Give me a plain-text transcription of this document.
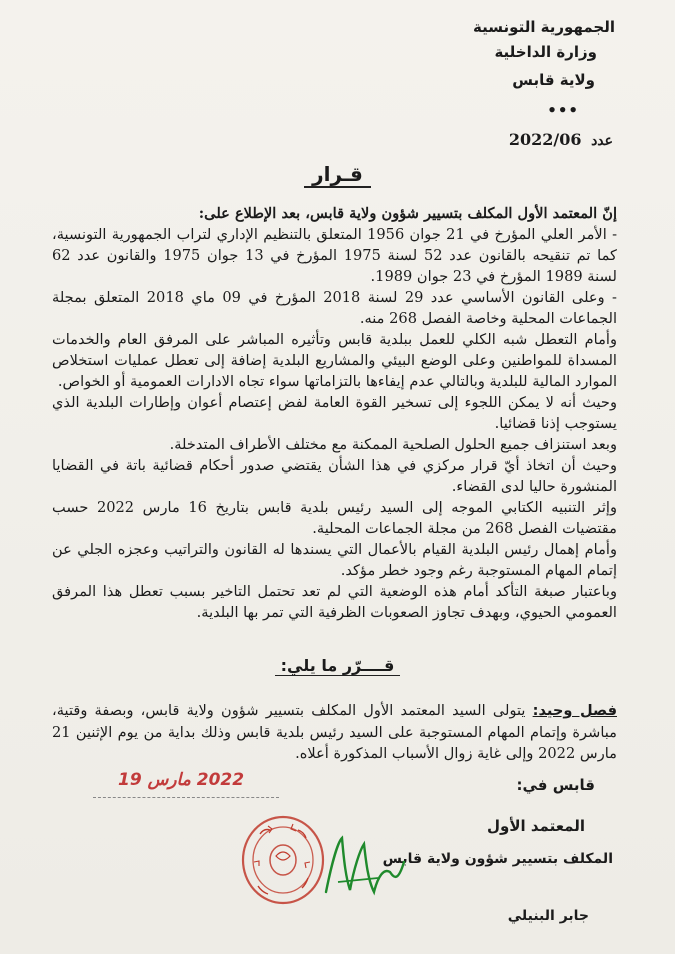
الجمهورية التونسية
وزارة الداخلية
ولاية قابس
•••
2022/06 عدد
قـرار

إنّ المعتمد الأول المكلف بتسيير شؤون ولاية قابس، بعد الإطلاع على:

- الأمر العلي المؤرخ في 21 جوان 1956 المتعلق بالتنظيم الإداري لتراب الجمهورية التونسية، كما تم تنقيحه بالقانون عدد 52 لسنة 1975 المؤرخ في 13 جوان 1975 والقانون عدد 62 لسنة 1989 المؤرخ في 23 جوان 1989.

- وعلى القانون الأساسي عدد 29 لسنة 2018 المؤرخ في 09 ماي 2018 المتعلق بمجلة الجماعات المحلية وخاصة الفصل 268 منه.

وأمام التعطل شبه الكلي للعمل ببلدية قابس وتأثيره المباشر على المرفق العام والخدمات المسداة للمواطنين وعلى الوضع البيئي والمشاريع البلدية إضافة إلى تعطل عمليات استخلاص الموارد المالية للبلدية وبالتالي عدم إيفاءها بالتزاماتها سواء تجاه الادارات العمومية أو الخواص.

وحيث أنه لا يمكن اللجوء إلى تسخير القوة العامة لفض إعتصام أعوان وإطارات البلدية الذي يستوجب إذنا قضائيا.

وبعد استنزاف جميع الحلول الصلحية الممكنة مع مختلف الأطراف المتدخلة.

وحيث أن اتخاذ أيّ قرار مركزي في هذا الشأن يقتضي صدور أحكام قضائية باتة في القضايا المنشورة حاليا لدى القضاء.

وإثر التنبيه الكتابي الموجه إلى السيد رئيس بلدية قابس بتاريخ 16 مارس 2022 حسب مقتضيات الفصل 268 من مجلة الجماعات المحلية.

وأمام إهمال رئيس البلدية القيام بالأعمال التي يسندها له القانون والتراتيب وعجزه الجلي عن إتمام المهام المستوجبة رغم وجود خطر مؤكد.

وباعتبار صبغة التأكد أمام هذه الوضعية التي لم تعد تحتمل التاخير بسبب تعطل هذا المرفق العمومي الحيوي، وبهدف تجاوز الصعوبات الظرفية التي تمر بها البلدية.

قــــرّر ما يلي:
فصل وحيد: يتولى السيد المعتمد الأول المكلف بتسيير شؤون ولاية قابس، وبصفة وقتية، مباشرة وإتمام المهام المستوجبة على السيد رئيس بلدية قابس وذلك بداية من يوم الإثنين 21 مارس 2022 وإلى غاية زوال الأسباب المذكورة أعلاه.
2022 مارس 19	قابس في:
المعتمد الأول
المكلف بتسيير شؤون ولاية قابس
جابر البنيلي
